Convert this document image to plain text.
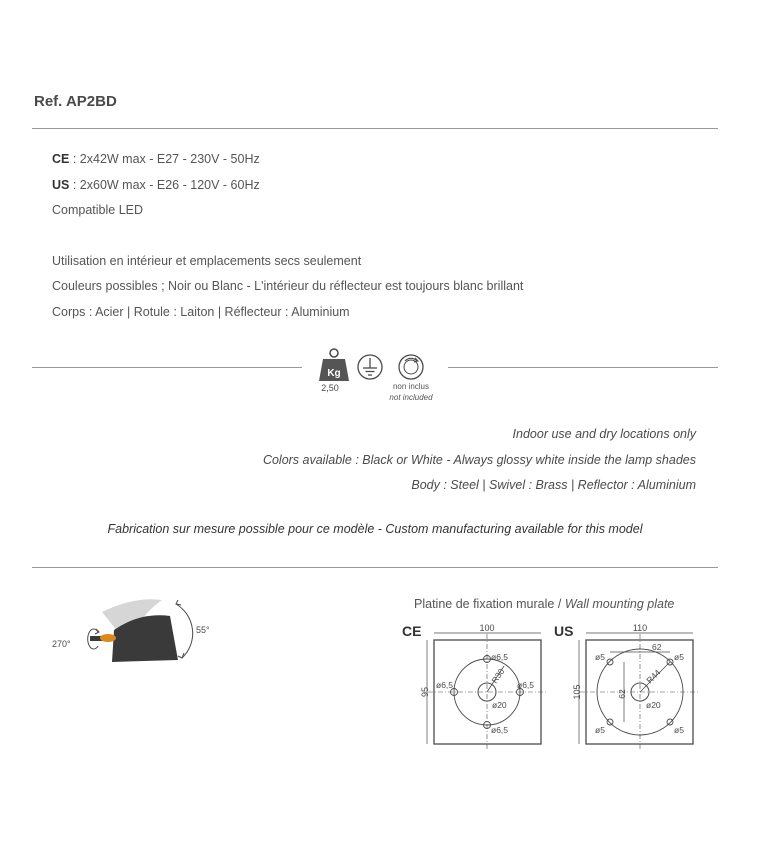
Ref. AP2BD
CE : 2x42W max - E27 - 230V - 50Hz
US : 2x60W max - E26 - 120V - 60Hz
Compatible LED
Utilisation en intérieur et emplacements secs seulement
Couleurs possibles ; Noir ou Blanc - L'intérieur du réflecteur est toujours blanc brillant
Corps : Acier | Rotule : Laiton | Réflecteur : Aluminium
Kg
2,50	non inclus
not included
Indoor use and dry locations only
Colors available : Black or White - Always glossy white inside the lamp shades
Body : Steel | Swivel : Brass | Reflector : Aluminium
Fabrication sur mesure possible pour ce modèle - Custom manufacturing available for this model
270°
55°
Platine de fixation murale / Wall mounting plate
CE	100
95
ø6,5
ø6,5	ø6,5
ø6,5
R30
ø20
US	110
105
62
62
ø5	ø5
ø5	ø5
R44
ø20
